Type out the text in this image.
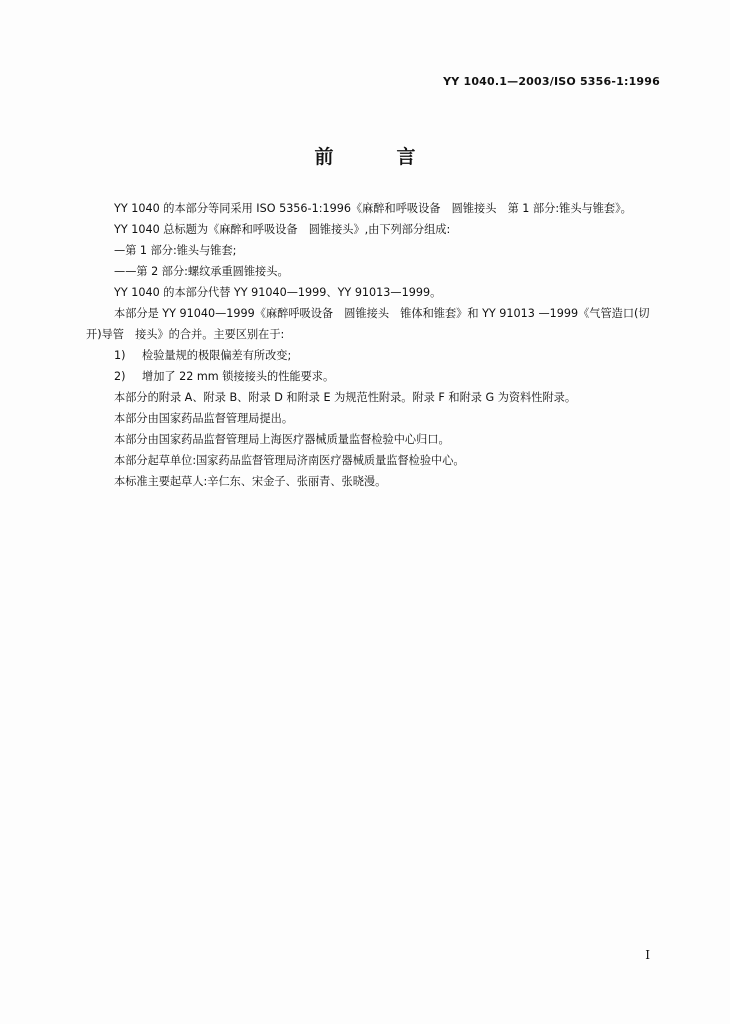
YY 1040.1—2003/ISO 5356-1:1996
前　言

YY 1040 的本部分等同采用 ISO 5356-1:1996《麻醉和呼吸设备　圆锥接头　第 1 部分:锥头与锥套》。

YY 1040 总标题为《麻醉和呼吸设备　圆锥接头》,由下列部分组成:

—第 1 部分:锥头与锥套;

——第 2 部分:螺纹承重圆锥接头。

YY 1040 的本部分代替 YY 91040—1999、YY 91013—1999。

本部分是 YY 91040—1999《麻醉呼吸设备　圆锥接头　锥体和锥套》和 YY 91013 —1999《气管造口(切开)导管　接头》的合并。主要区别在于:

1) 检验量规的极限偏差有所改变;

2) 增加了 22 mm 锁接接头的性能要求。

本部分的附录 A、附录 B、附录 D 和附录 E 为规范性附录。附录 F 和附录 G 为资料性附录。

本部分由国家药品监督管理局提出。

本部分由国家药品监督管理局上海医疗器械质量监督检验中心归口。

本部分起草单位:国家药品监督管理局济南医疗器械质量监督检验中心。

本标准主要起草人:辛仁东、宋金子、张丽青、张晓漫。

I
